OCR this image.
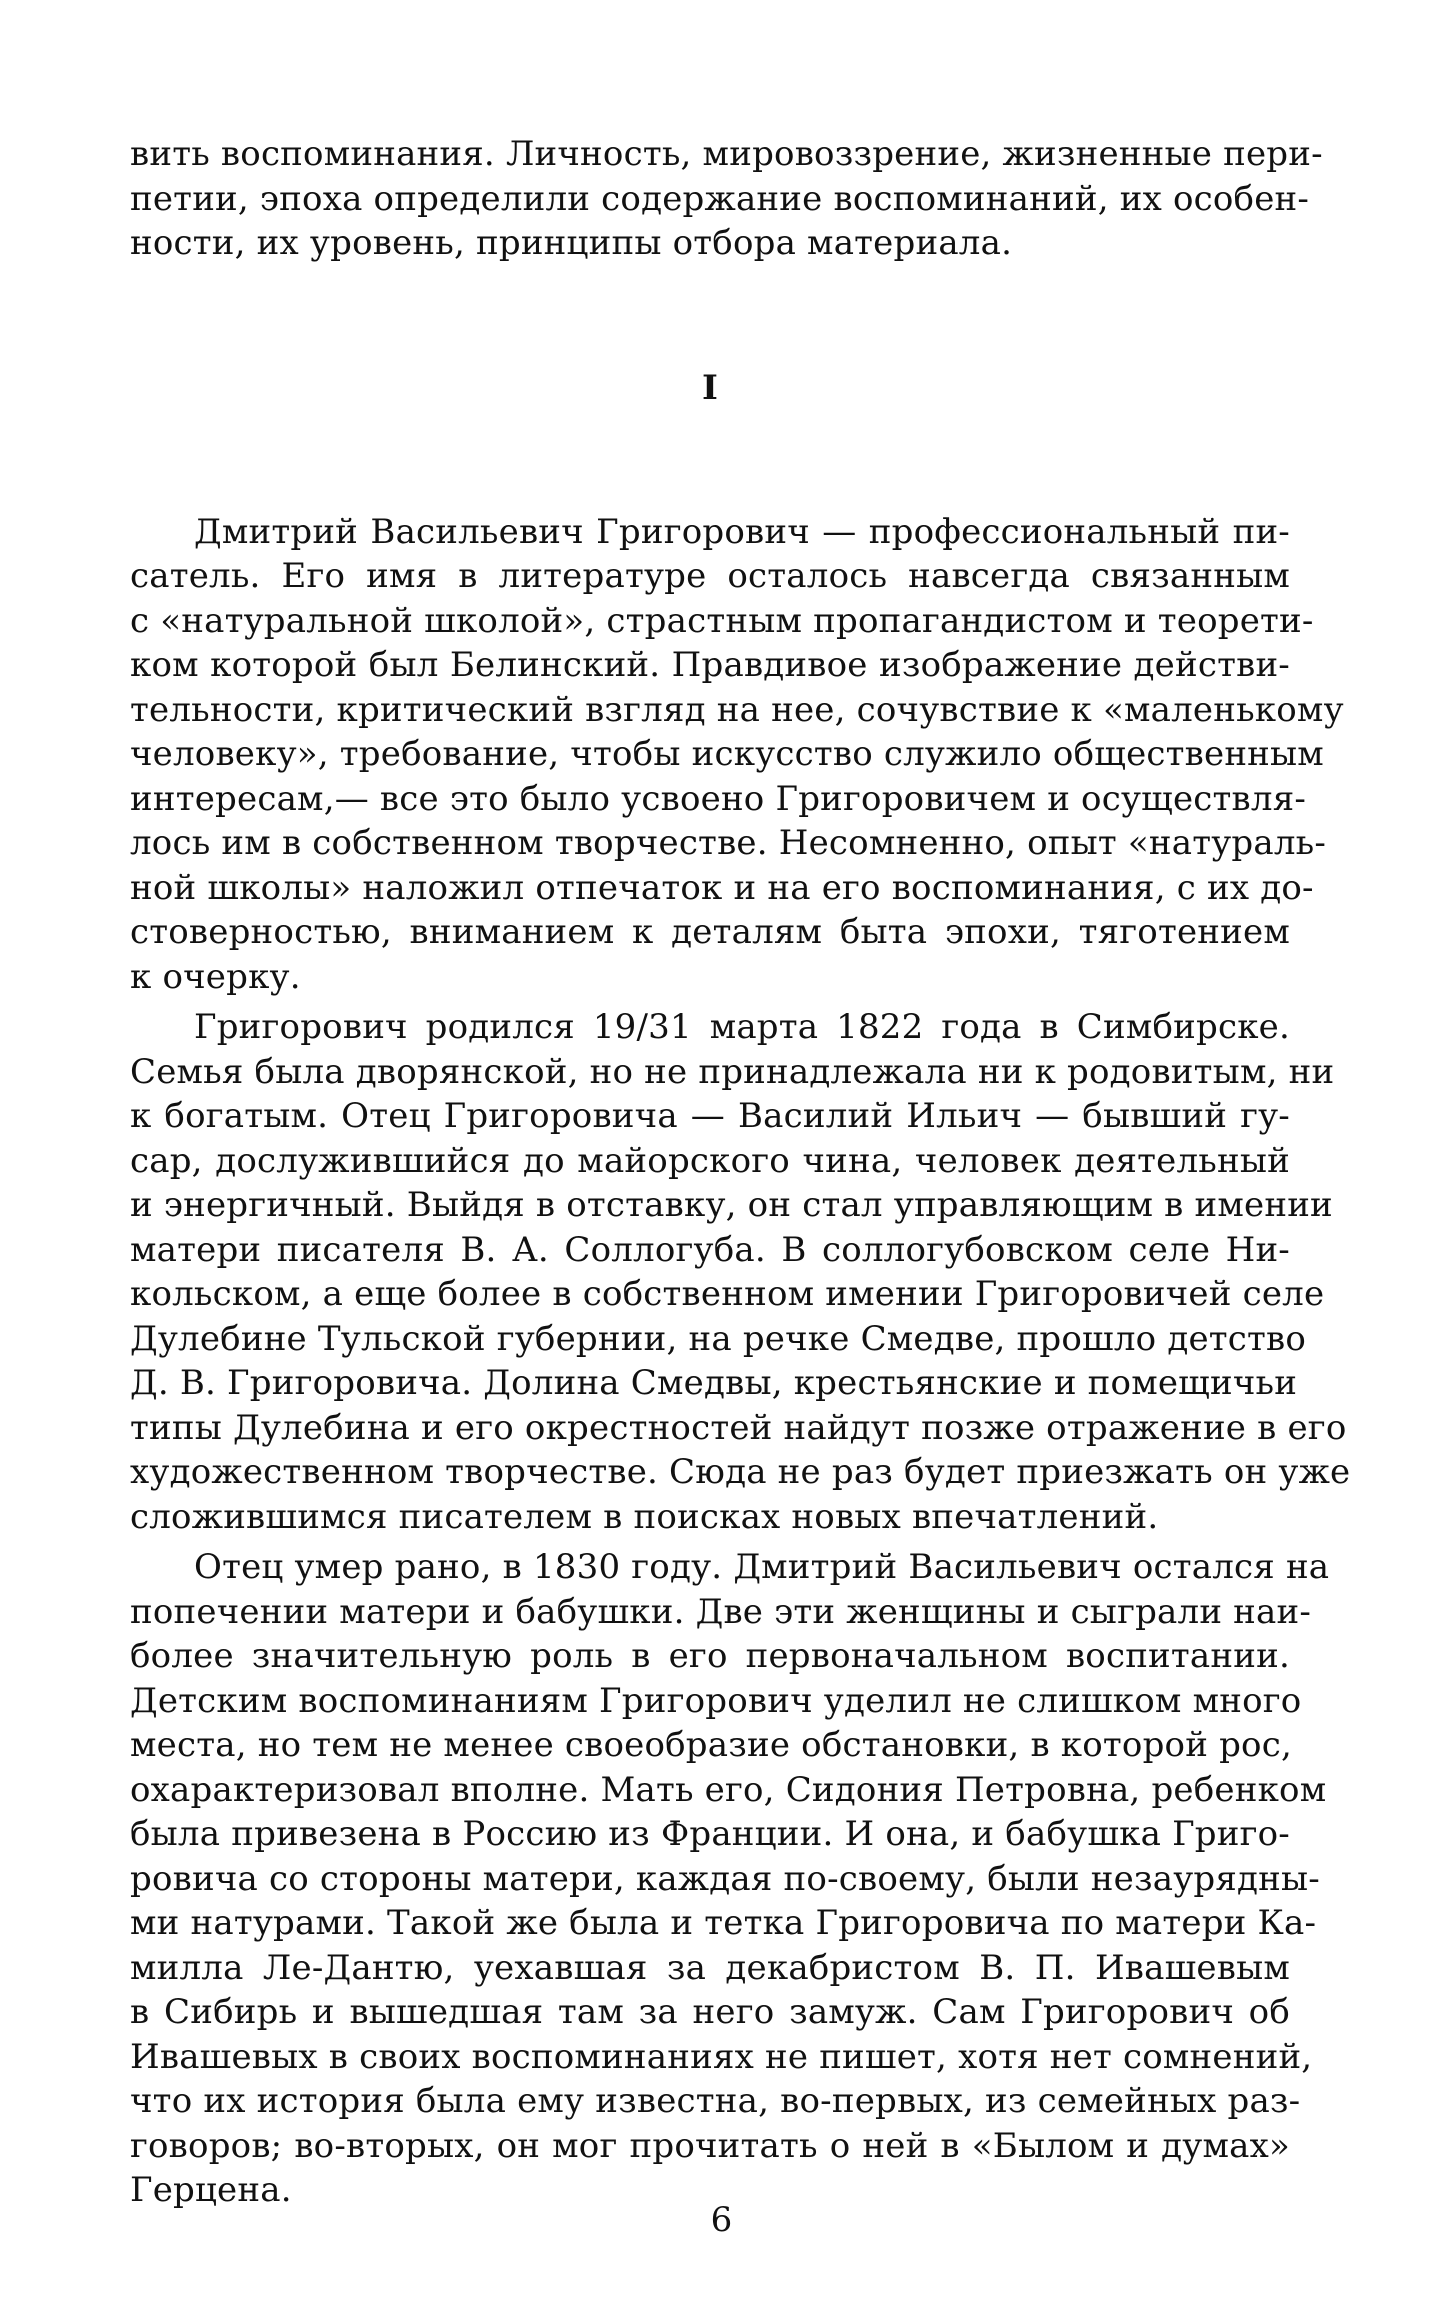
вить воспоминания. Личность, мировоззрение, жизненные пери-
петии, эпоха определили содержание воспоминаний, их особен-
ности, их уровень, принципы отбора материала.
I
Дмитрий Васильевич Григорович — профессиональный пи-
сатель. Его имя в литературе осталось навсегда связанным
с «натуральной школой», страстным пропагандистом и теорети-
ком которой был Белинский. Правдивое изображение действи-
тельности, критический взгляд на нее, сочувствие к «маленькому
человеку», требование, чтобы искусство служило общественным
интересам,— все это было усвоено Григоровичем и осуществля-
лось им в собственном творчестве. Несомненно, опыт «натураль-
ной школы» наложил отпечаток и на его воспоминания, с их до-
стоверностью, вниманием к деталям быта эпохи, тяготением
к очерку.
Григорович родился 19/31 марта 1822 года в Симбирске.
Семья была дворянской, но не принадлежала ни к родовитым, ни
к богатым. Отец Григоровича — Василий Ильич — бывший гу-
сар, дослужившийся до майорского чина, человек деятельный
и энергичный. Выйдя в отставку, он стал управляющим в имении
матери писателя В. А. Соллогуба. В соллогубовском селе Ни-
кольском, а еще более в собственном имении Григоровичей селе
Дулебине Тульской губернии, на речке Смедве, прошло детство
Д. В. Григоровича. Долина Смедвы, крестьянские и помещичьи
типы Дулебина и его окрестностей найдут позже отражение в его
художественном творчестве. Сюда не раз будет приезжать он уже
сложившимся писателем в поисках новых впечатлений.
Отец умер рано, в 1830 году. Дмитрий Васильевич остался на
попечении матери и бабушки. Две эти женщины и сыграли наи-
более значительную роль в его первоначальном воспитании.
Детским воспоминаниям Григорович уделил не слишком много
места, но тем не менее своеобразие обстановки, в которой рос,
охарактеризовал вполне. Мать его, Сидония Петровна, ребенком
была привезена в Россию из Франции. И она, и бабушка Григо-
ровича со стороны матери, каждая по-своему, были незаурядны-
ми натурами. Такой же была и тетка Григоровича по матери Ка-
милла Ле-Дантю, уехавшая за декабристом В. П. Ивашевым
в Сибирь и вышедшая там за него замуж. Сам Григорович об
Ивашевых в своих воспоминаниях не пишет, хотя нет сомнений,
что их история была ему известна, во-первых, из семейных раз-
говоров; во-вторых, он мог прочитать о ней в «Былом и думах»
Герцена.
6
